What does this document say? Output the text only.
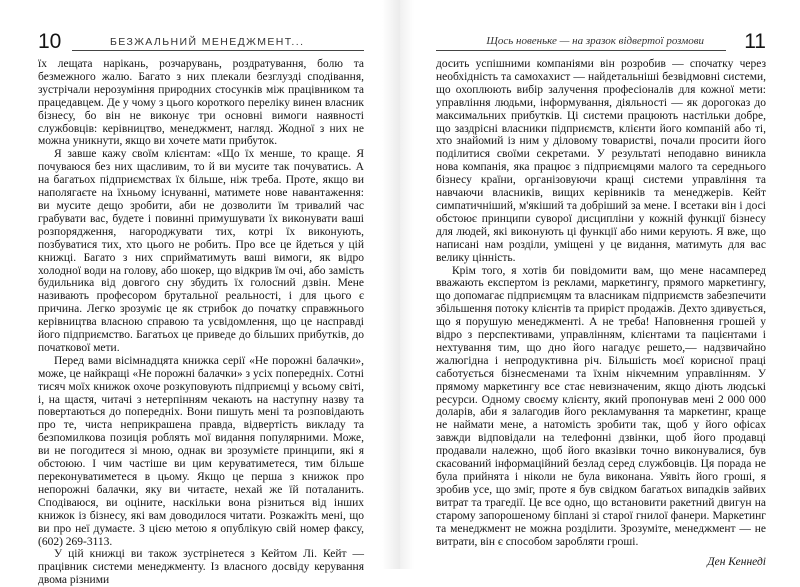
10	БЕЗЖАЛЬНИЙ МЕНЕДЖМЕНТ...

їх лещата нарікань, розчарувань, роздратування, болю та безмежного жалю. Багато з них плекали безглузді сподівання, зустрічали нерозуміння природних стосунків між працівником та працедавцем. Де у чому з цього короткого переліку винен власник бізнесу, бо він не виконує три основні вимоги наявності службовців: керівництво, менеджмент, нагляд. Жодної з них не можна уникнути, якщо ви хочете мати прибуток.

Я завше кажу своїм клієнтам: «Що їх менше, то краще. Я почуваюся без них щасливим, то й ви мусите так почуватись. А на багатьох підприємствах їх більше, ніж треба. Проте, якщо ви наполягаєте на їхньому існуванні, матимете нове навантаження: ви мусите дещо зробити, аби не дозволити їм тривалий час грабувати вас, будете і повинні примушувати їх виконувати ваші розпорядження, нагороджувати тих, котрі їх виконують, позбуватися тих, хто цього не робить. Про все це йдеться у цій книжці. Багато з них сприйматимуть ваші вимоги, як відро холодної води на голову, або шокер, що відкрив їм очі, або замість будильника від довгого сну збудить їх голосний дзвін. Мене називають професором брутальної реальності, і для цього є причина. Легко зрозуміє це як стрибок до початку справжнього керівництва власною справою та усвідомлення, що це насправді його підприємство. Багатьох це приведе до більших прибутків, до початкової мети.

Перед вами вісімнадцята книжка серії «Не порожні балачки», може, це найкращі «Не порожні балачки» з усіх попередніх. Сотні тисяч моїх книжок охоче розкуповують підприємці у всьому світі, і, на щастя, читачі з нетерпінням чекають на наступну назву та повертаються до попередніх. Вони пишуть мені та розповідають про те, чиста неприкрашена правда, відвертість викладу та безпомилкова позиція роблять мої видання популярними. Може, ви не погодитеся зі мною, однак ви зрозумієте принципи, які я обстоюю. І чим частіше ви цим керуватиметеся, тим більше переконуватиметеся в цьому. Якщо це перша з книжок про непорожні балачки, яку ви читаєте, нехай же їй поталанить. Сподіваюся, ви оціните, наскільки вона різниться від інших книжок із бізнесу, які вам доводилося читати. Розкажіть мені, що ви про неї думаєте. З цією метою я опублікую свій номер факсу, (602) 269-3113.

У цій книжці ви також зустрінетеся з Кейтом Лі. Кейт — працівник системи менеджменту. Із власного досвіду керування двома різними

Щось новеньке — на зразок відвертої розмови 11

досить успішними компаніями він розробив — спочатку через необхідність та самохахист — найдетальніші безвідмовні системи, що охоплюють вибір залучення професіоналів для кожної мети: управління людьми, інформування, діяльності — як дорогоказ до максимальних прибутків. Ці системи працюють настільки добре, що заздрісні власники підприємств, клієнти його компаній або ті, хто знайомий із ним у діловому товаристві, почали просити його поділитися своїми секретами. У результаті неподавно виникла нова компанія, яка працює з підприємцями малого та середнього бізнесу країни, організовуючи кращі системи управління та навчаючи власників, вищих керівників та менеджерів. Кейт симпатичніший, м'якіший та добріший за мене. І всетаки він і досі обстоює принципи суворої дисципліни у кожній функції бізнесу для людей, які виконують ці функції або ними керують. Я вже, що написані нам розділи, уміщені у це видання, матимуть для вас велику цінність.

Крім того, я хотів би повідомити вам, що мене насамперед вважають експертом із реклами, маркетингу, прямого маркетингу, що допомагає підприємцям та власникам підприємств забезпечити збільшення потоку клієнтів та приріст продажів. Дехто здивується, що я порушую менеджменті. А не треба! Наповнення грошей у відро з перспективами, управлінням, клієнтами та пацієнтами і нехтування тим, що дно його нагадує решето,— надзвичайно жалюгідна і непродуктивна річ. Більшість моєї корисної праці саботується бізнесменами та їхнім нікчемним управлінням. У прямому маркетингу все стає невизначеним, якщо діють людські ресурси. Одному своєму клієнту, який пропонував мені 2 000 000 доларів, аби я залагодив його рекламування та маркетинг, краще не наймати мене, а натомість зробити так, щоб у його офісах завжди відповідали на телефонні дзвінки, щоб його продавці продавали належно, щоб його вказівки точно виконувалися, був скасований інформаційний безлад серед службовців. Ця порада не була прийнята і ніколи не була виконана. Уявіть його гроші, я зробив усе, що зміг, проте я був свідком багатьох випадків зайвих витрат та трагедії. Це все одно, що встановити ракетний двигун на старому запорошеному біплані зі старої гнилої фанери. Маркетинг та менеджмент не можна розділити. Зрозуміте, менеджмент — не витрати, він є способом заробляти гроші.

Ден Кеннеді
